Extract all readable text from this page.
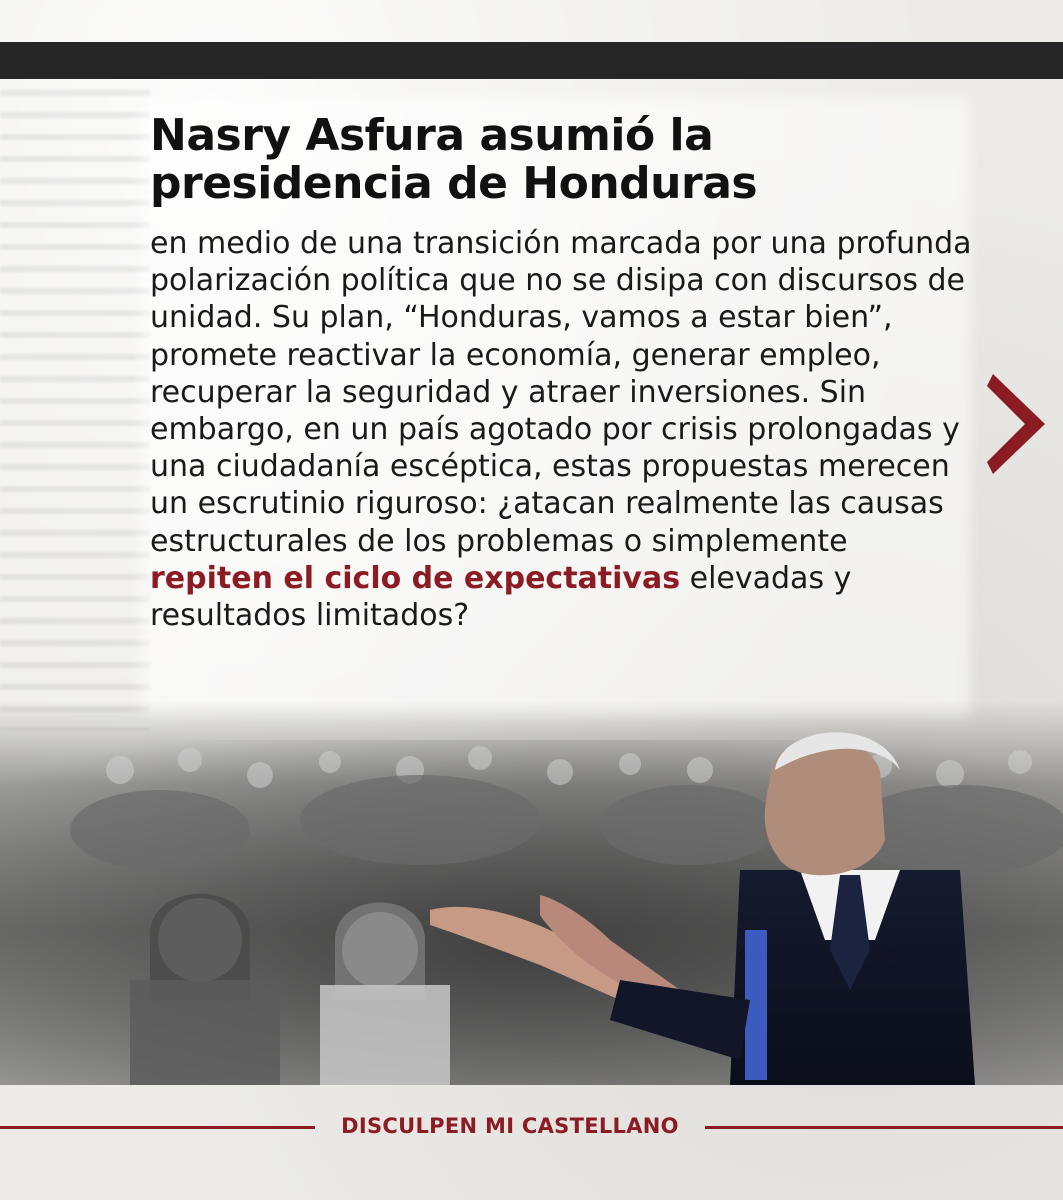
Nasry Asfura asumió la
presidencia de Honduras

en medio de una transición marcada por una profunda polarización política que no se disipa con discursos de unidad. Su plan, “Honduras, vamos a estar bien”, promete reactivar la economía, generar empleo, recuperar la seguridad y atraer inversiones. Sin embargo, en un país agotado por crisis prolongadas y una ciudadanía escéptica, estas propuestas merecen un escrutinio riguroso: ¿atacan realmente las causas estructurales de los problemas o simplemente repiten el ciclo de expectativas elevadas y resultados limitados?

DISCULPEN MI CASTELLANO
